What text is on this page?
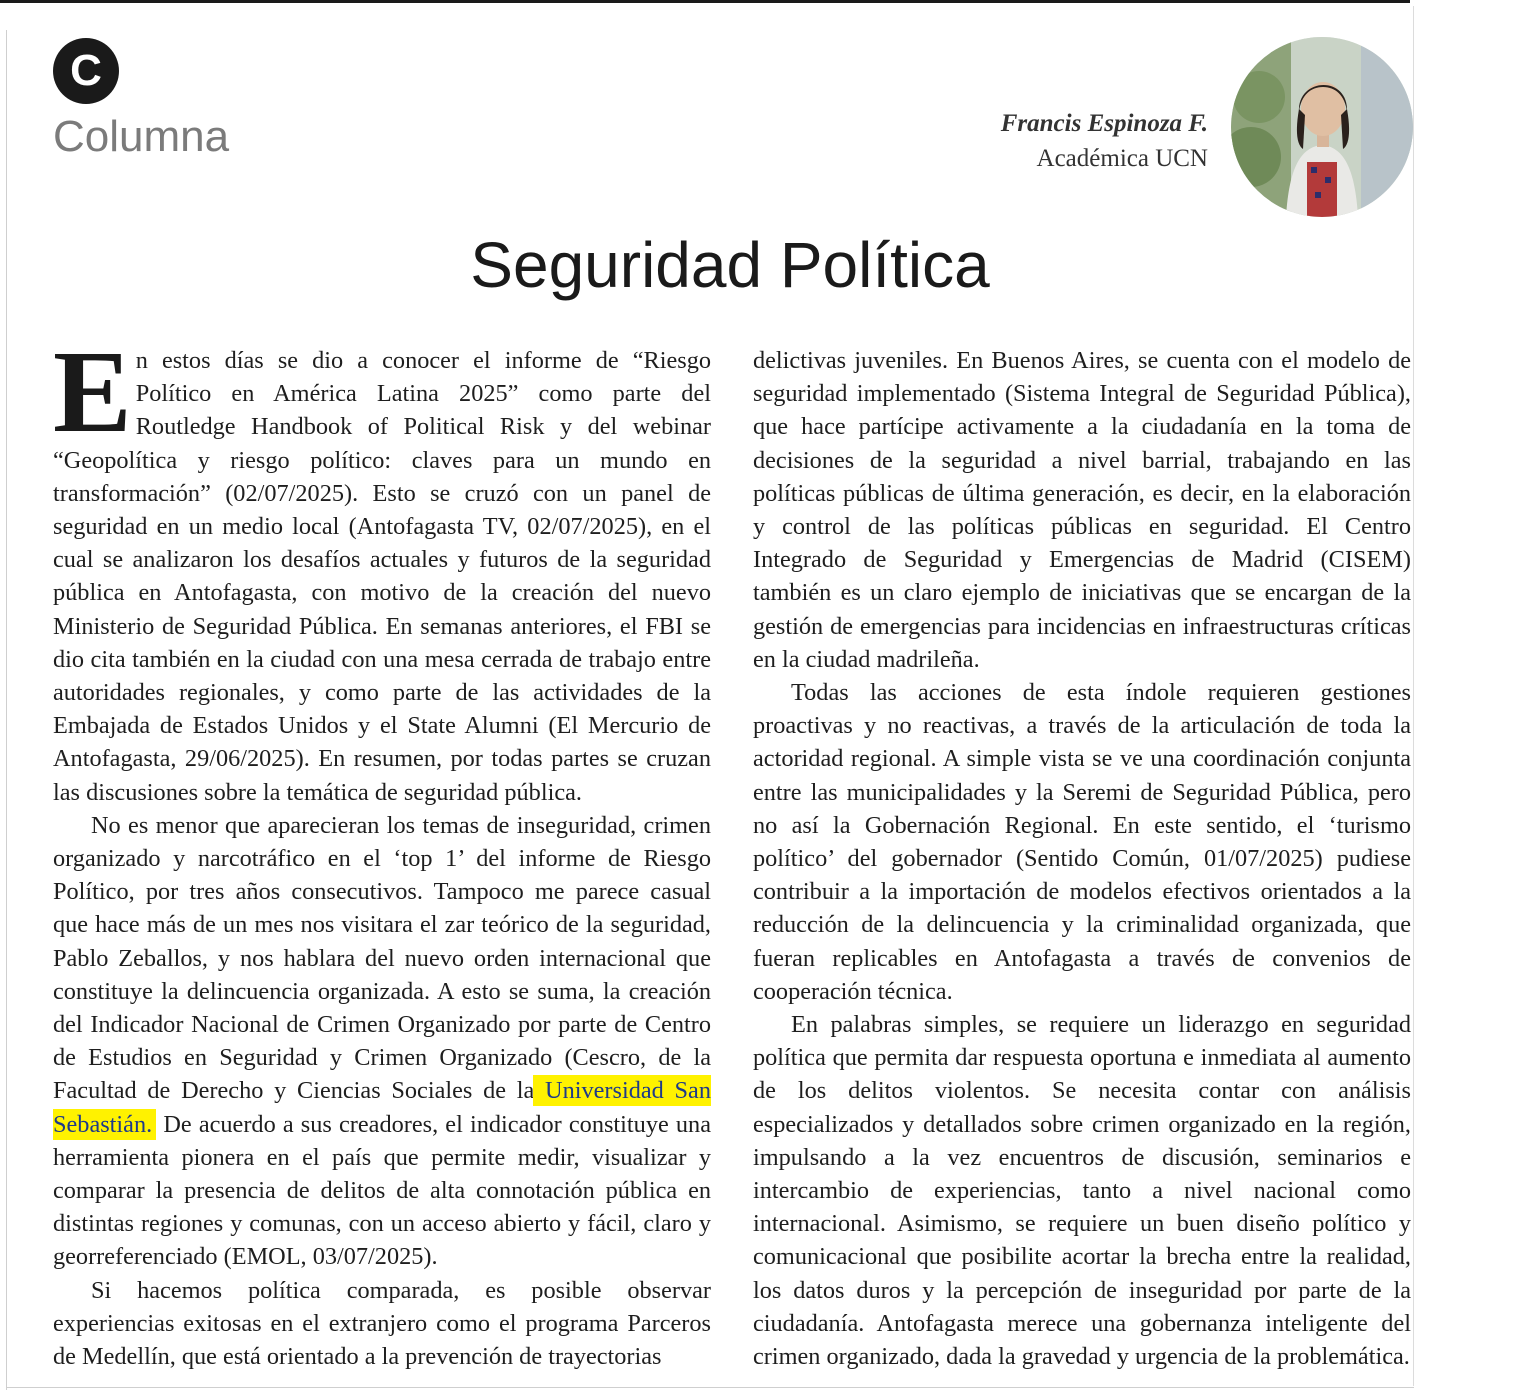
C
Columna	Francis Espinoza F.
Académica UCN
Seguridad Política

En estos días se dio a conocer el informe de “Riesgo Político en América Latina 2025” como parte del Routledge Handbook of Political Risk y del webinar “Geopolítica y riesgo político: claves para un mundo en transformación” (02/07/2025). Esto se cruzó con un panel de seguridad en un medio local (Antofagasta TV, 02/07/2025), en el cual se analizaron los desafíos actuales y futuros de la seguridad pública en Antofagasta, con motivo de la creación del nuevo Ministerio de Seguridad Pública. En semanas anteriores, el FBI se dio cita también en la ciudad con una mesa cerrada de trabajo entre autoridades regionales, y como parte de las actividades de la Embajada de Estados Unidos y el State Alumni (El Mercurio de Antofagasta, 29/06/2025). En resumen, por todas partes se cruzan las discusiones sobre la temática de seguridad pública.

No es menor que aparecieran los temas de inseguridad, crimen organizado y narcotráfico en el ‘top 1’ del informe de Riesgo Político, por tres años consecutivos. Tampoco me parece casual que hace más de un mes nos visitara el zar teórico de la seguridad, Pablo Zeballos, y nos hablara del nuevo orden internacional que constituye la delincuencia organizada. A esto se suma, la creación del Indicador Nacional de Crimen Organizado por parte de Centro de Estudios en Seguridad y Crimen Organizado (Cescro, de la Facultad de Derecho y Ciencias Sociales de la Universidad San Sebastián. De acuerdo a sus creadores, el indicador constituye una herramienta pionera en el país que permite medir, visualizar y comparar la presencia de delitos de alta connotación pública en distintas regiones y comunas, con un acceso abierto y fácil, claro y georreferenciado (EMOL, 03/07/2025).

Si hacemos política comparada, es posible observar experiencias exitosas en el extranjero como el programa Parceros de Medellín, que está orientado a la prevención de trayectorias

delictivas juveniles. En Buenos Aires, se cuenta con el modelo de seguridad implementado (Sistema Integral de Seguridad Pública), que hace partícipe activamente a la ciudadanía en la toma de decisiones de la seguridad a nivel barrial, trabajando en las políticas públicas de última generación, es decir, en la elaboración y control de las políticas públicas en seguridad. El Centro Integrado de Seguridad y Emergencias de Madrid (CISEM) también es un claro ejemplo de iniciativas que se encargan de la gestión de emergencias para incidencias en infraestructuras críticas en la ciudad madrileña.

Todas las acciones de esta índole requieren gestiones proactivas y no reactivas, a través de la articulación de toda la actoridad regional. A simple vista se ve una coordinación conjunta entre las municipalidades y la Seremi de Seguridad Pública, pero no así la Gobernación Regional. En este sentido, el ‘turismo político’ del gobernador (Sentido Común, 01/07/2025) pudiese contribuir a la importación de modelos efectivos orientados a la reducción de la delincuencia y la criminalidad organizada, que fueran replicables en Antofagasta a través de convenios de cooperación técnica.

En palabras simples, se requiere un liderazgo en seguridad política que permita dar respuesta oportuna e inmediata al aumento de los delitos violentos. Se necesita contar con análisis especializados y detallados sobre crimen organizado en la región, impulsando a la vez encuentros de discusión, seminarios e intercambio de experiencias, tanto a nivel nacional como internacional. Asimismo, se requiere un buen diseño político y comunicacional que posibilite acortar la brecha entre la realidad, los datos duros y la percepción de inseguridad por parte de la ciudadanía. Antofagasta merece una gobernanza inteligente del crimen organizado, dada la gravedad y urgencia de la problemática.
